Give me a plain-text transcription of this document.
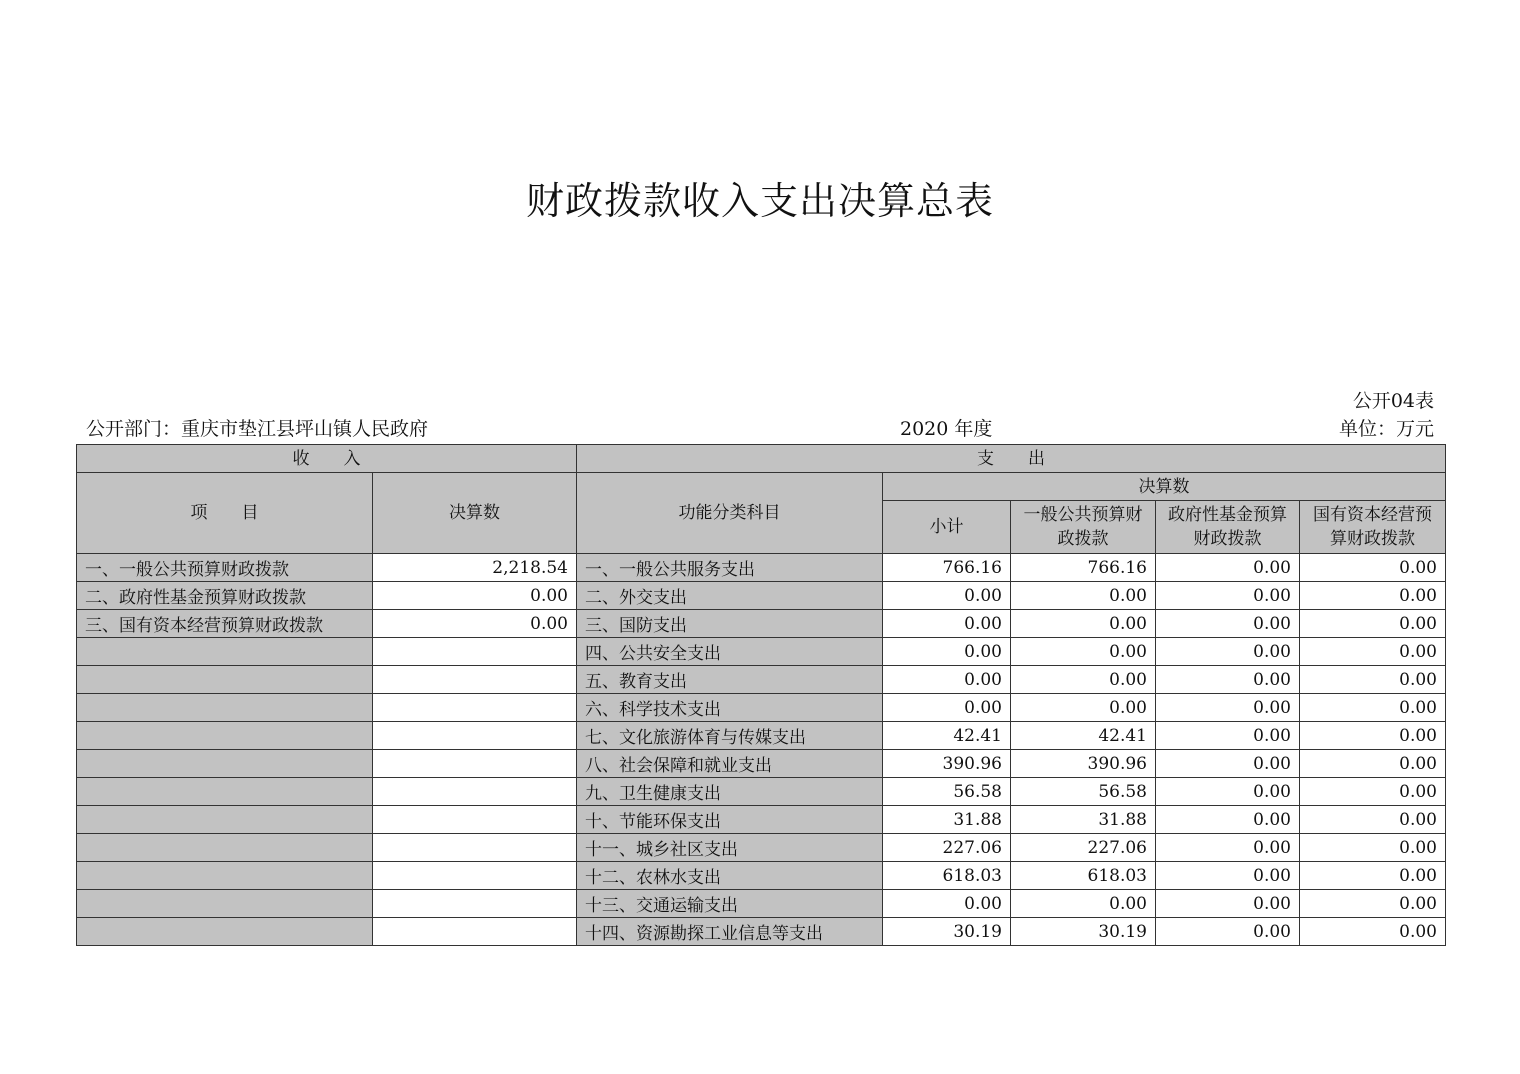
财政拨款收入支出决算总表
公开04表
公开部门：重庆市垫江县坪山镇人民政府	2020 年度	单位：万元
收　　入		支　　出				
项　　目	决算数	功能分类科目	决算数			
			小计	一般公共预算财政拨款	政府性基金预算财政拨款	国有资本经营预算财政拨款
一、一般公共预算财政拨款	2,218.54	一、一般公共服务支出	766.16	766.16	0.00	0.00
二、政府性基金预算财政拨款	0.00	二、外交支出	0.00	0.00	0.00	0.00
三、国有资本经营预算财政拨款	0.00	三、国防支出	0.00	0.00	0.00	0.00
		四、公共安全支出	0.00	0.00	0.00	0.00
		五、教育支出	0.00	0.00	0.00	0.00
		六、科学技术支出	0.00	0.00	0.00	0.00
		七、文化旅游体育与传媒支出	42.41	42.41	0.00	0.00
		八、社会保障和就业支出	390.96	390.96	0.00	0.00
		九、卫生健康支出	56.58	56.58	0.00	0.00
		十、节能环保支出	31.88	31.88	0.00	0.00
		十一、城乡社区支出	227.06	227.06	0.00	0.00
		十二、农林水支出	618.03	618.03	0.00	0.00
		十三、交通运输支出	0.00	0.00	0.00	0.00
		十四、资源勘探工业信息等支出	30.19	30.19	0.00	0.00
